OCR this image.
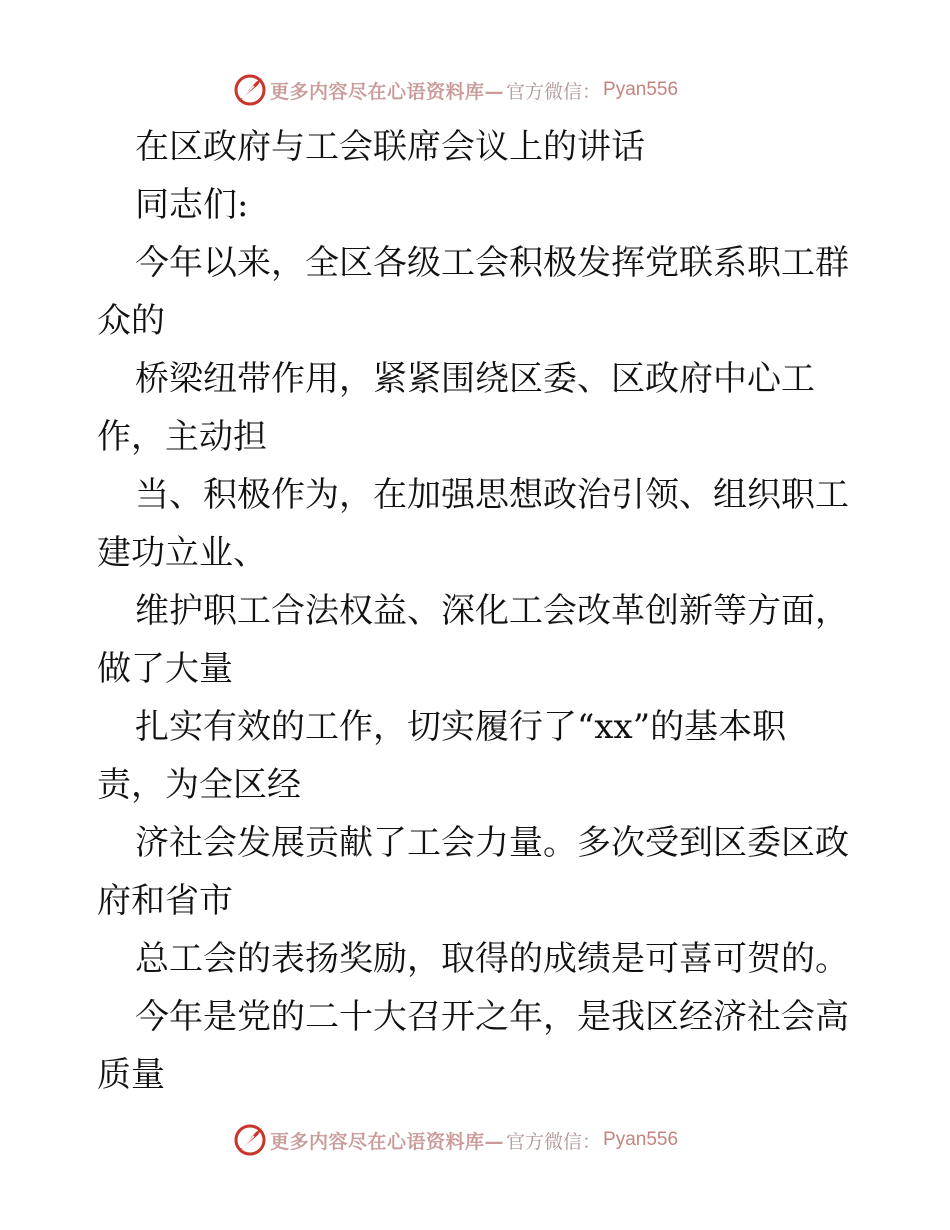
更多内容尽在心语资料库— 官方微信： Pyan556
在区政府与工会联席会议上的讲话
同志们:
今年以来，全区各级工会积极发挥党联系职工群
众的
桥梁纽带作用，紧紧围绕区委、区政府中心工
作，主动担
当、积极作为，在加强思想政治引领、组织职工
建功立业、
维护职工合法权益、深化工会改革创新等方面，
做了大量
扎实有效的工作，切实履行了“xx”的基本职
责，为全区经
济社会发展贡献了工会力量。多次受到区委区政
府和省市
总工会的表扬奖励，取得的成绩是可喜可贺的。
今年是党的二十大召开之年，是我区经济社会高
质量
更多内容尽在心语资料库— 官方微信： Pyan556
